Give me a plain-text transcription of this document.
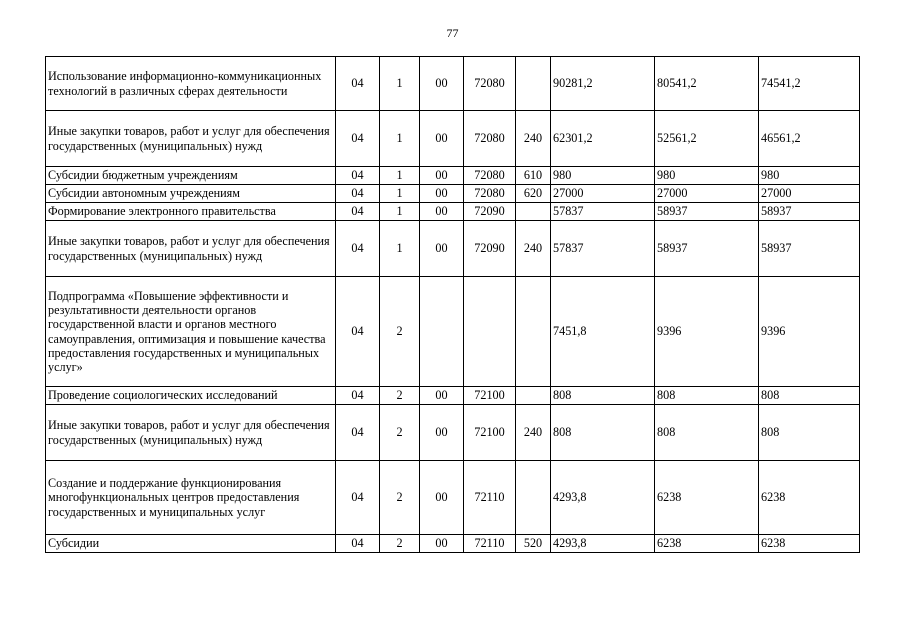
77
Использование информационно-коммуникационных технологий в различных сферах деятельности	04	1	00	72080		90281,2	80541,2	74541,2
Иные закупки товаров, работ и услуг для обеспечения государственных (муниципальных) нужд	04	1	00	72080	240	62301,2	52561,2	46561,2
Субсидии бюджетным учреждениям	04	1	00	72080	610	980	980	980
Субсидии автономным учреждениям	04	1	00	72080	620	27000	27000	27000
Формирование электронного правительства	04	1	00	72090		57837	58937	58937
Иные закупки товаров, работ и услуг для обеспечения государственных (муниципальных) нужд	04	1	00	72090	240	57837	58937	58937
Подпрограмма «Повышение эффективности и результативности деятельности органов государственной власти и органов местного самоуправления, оптимизация и повышение качества предоставления государственных и муниципальных услуг»	04	2				7451,8	9396	9396
Проведение социологических исследований	04	2	00	72100		808	808	808
Иные закупки товаров, работ и услуг для обеспечения государственных (муниципальных) нужд	04	2	00	72100	240	808	808	808
Создание и поддержание функционирования многофункциональных центров предоставления государственных и муниципальных услуг	04	2	00	72110		4293,8	6238	6238
Субсидии	04	2	00	72110	520	4293,8	6238	6238
